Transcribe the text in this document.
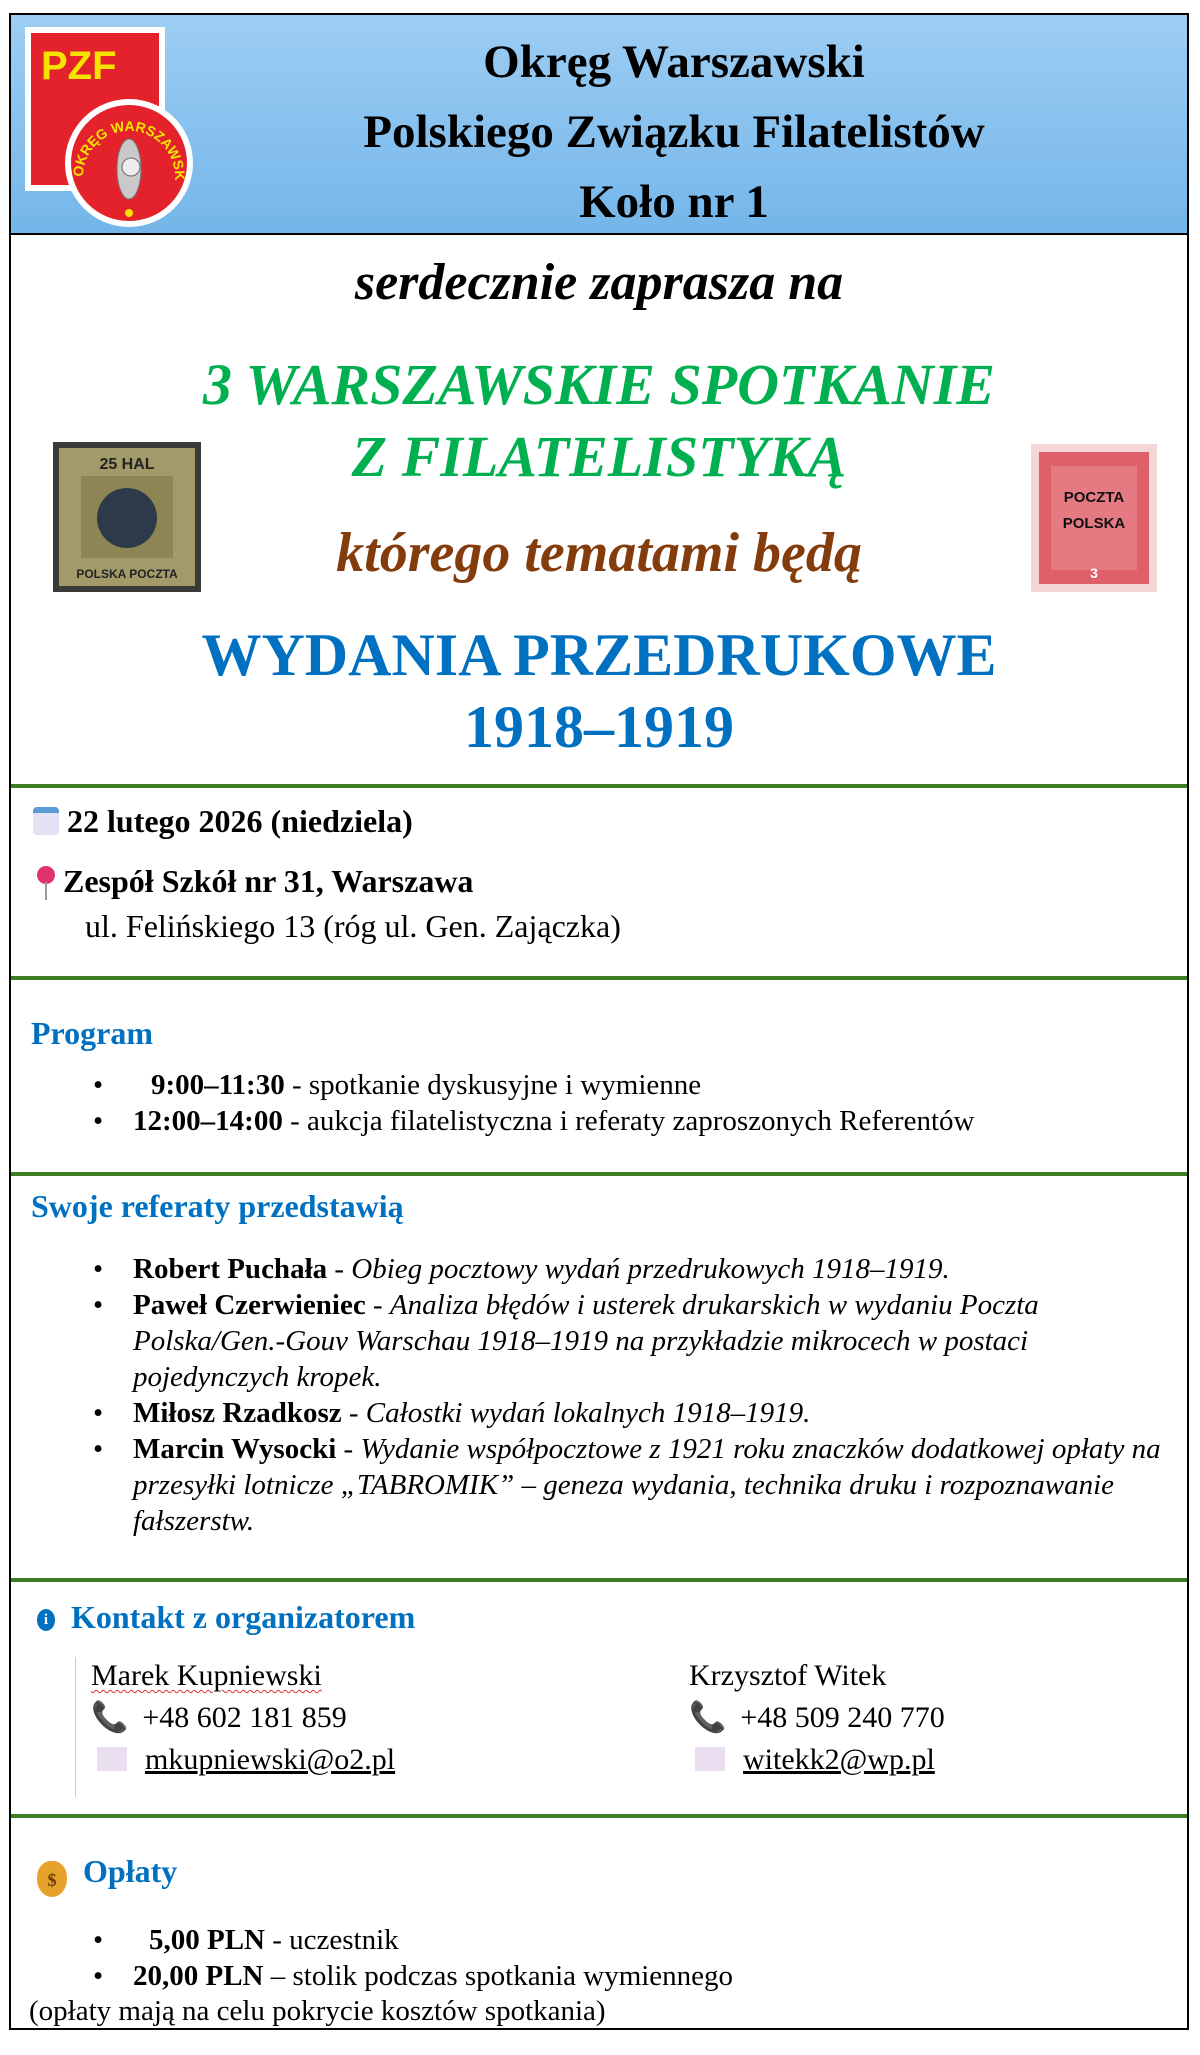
OKRĘG WARSZAWSK
PZF	Okręg Warszawski
Polskiego Związku Filatelistów
Koło nr 1
serdecznie zaprasza na
3 WARSZAWSKIE SPOTKANIE
Z FILATELISTYKĄ
którego tematami będą
WYDANIA PRZEDRUKOWE
1918–1919
25 HAL
POLSKA POCZTA
POCZTA
POLSKA
3
22 lutego 2026 (niedziela)
Zespół Szkół nr 31, Warszawa
ul. Felińskiego 13 (róg ul. Gen. Zajączka)
Program
• 9:00–11:30 - spotkanie dyskusyjne i wymienne
• 12:00–14:00 - aukcja filatelistyczna i referaty zaproszonych Referentów
Swoje referaty przedstawią
• Robert Puchała - Obieg pocztowy wydań przedrukowych 1918–1919.
• Paweł Czerwieniec - Analiza błędów i usterek drukarskich w wydaniu Poczta Polska/Gen.-Gouv Warschau 1918–1919 na przykładzie mikrocech w postaci pojedynczych kropek.
• Miłosz Rzadkosz - Całostki wydań lokalnych 1918–1919.
• Marcin Wysocki - Wydanie współpocztowe z 1921 roku znaczków dodatkowej opłaty na przesyłki lotnicze „TABROMIK” – geneza wydania, technika druku i rozpoznawanie fałszerstw.
i Kontakt z organizatorem
Marek Kupniewski
📞 +48 602 181 859
mkupniewski@o2.pl
Krzysztof Witek
📞 +48 509 240 770
witekk2@wp.pl
$ Opłaty
• 5,00 PLN - uczestnik
• 20,00 PLN – stolik podczas spotkania wymiennego
(opłaty mają na celu pokrycie kosztów spotkania)
